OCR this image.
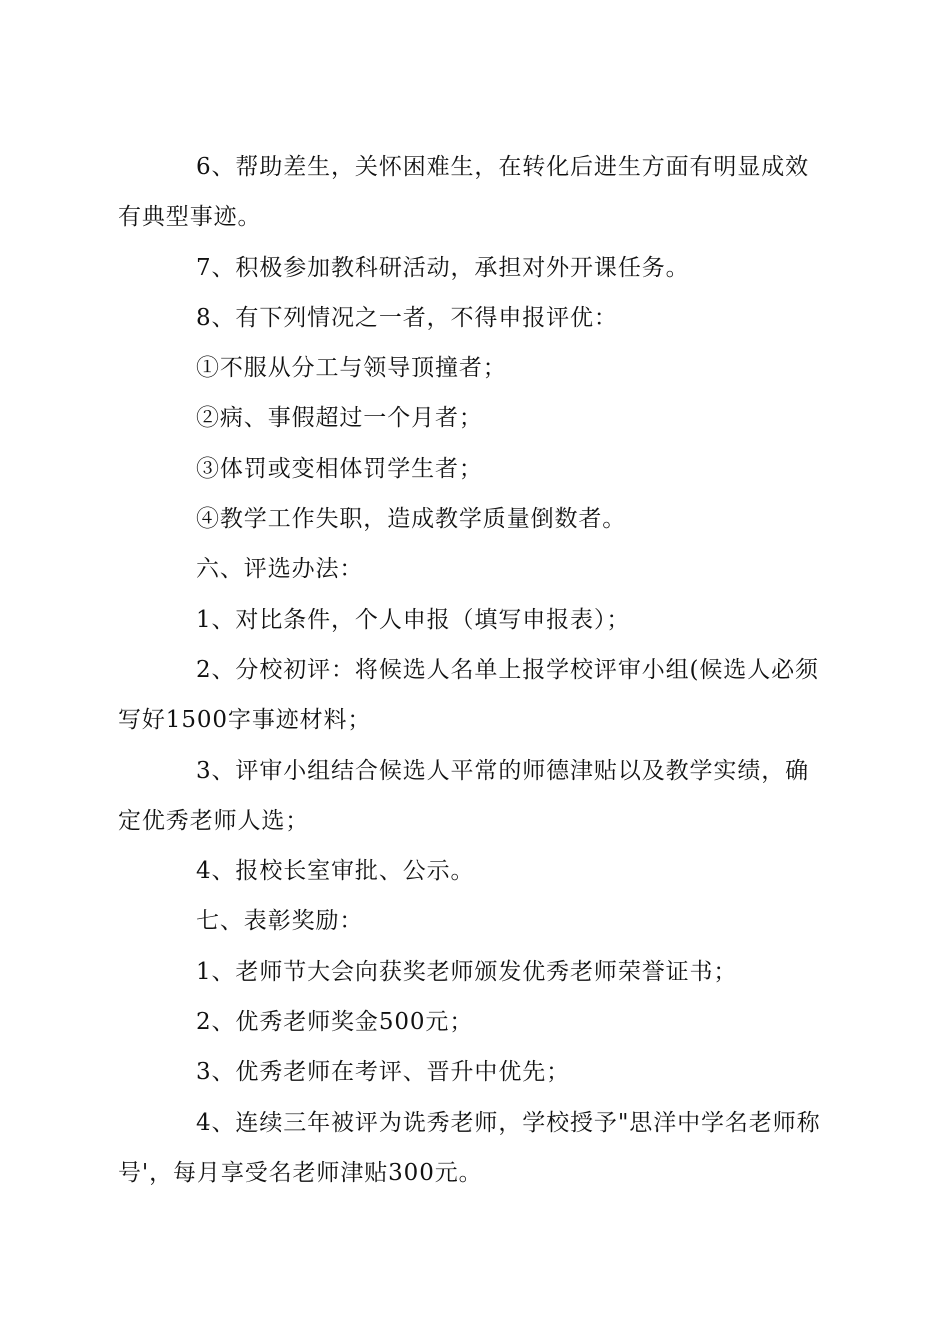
6、帮助差生，关怀困难生，在转化后进生方面有明显成效有典型事迹。

7、积极参加教科研活动，承担对外开课任务。

8、有下列情况之一者，不得申报评优：

①不服从分工与领导顶撞者；

②病、事假超过一个月者；

③体罚或变相体罚学生者；

④教学工作失职，造成教学质量倒数者。

六、评选办法：

1、对比条件，个人申报（填写申报表）；

2、分校初评：将候选人名单上报学校评审小组(候选人必须写好1500字事迹材料；

3、评审小组结合候选人平常的师德津贴以及教学实绩，确定优秀老师人选；

4、报校长室审批、公示。

七、表彰奖励：

1、老师节大会向获奖老师颁发优秀老师荣誉证书；

2、优秀老师奖金500元；

3、优秀老师在考评、晋升中优先；

4、连续三年被评为诜秀老师，学校授予"思洋中学名老师称号'，每月享受名老师津贴300元。
